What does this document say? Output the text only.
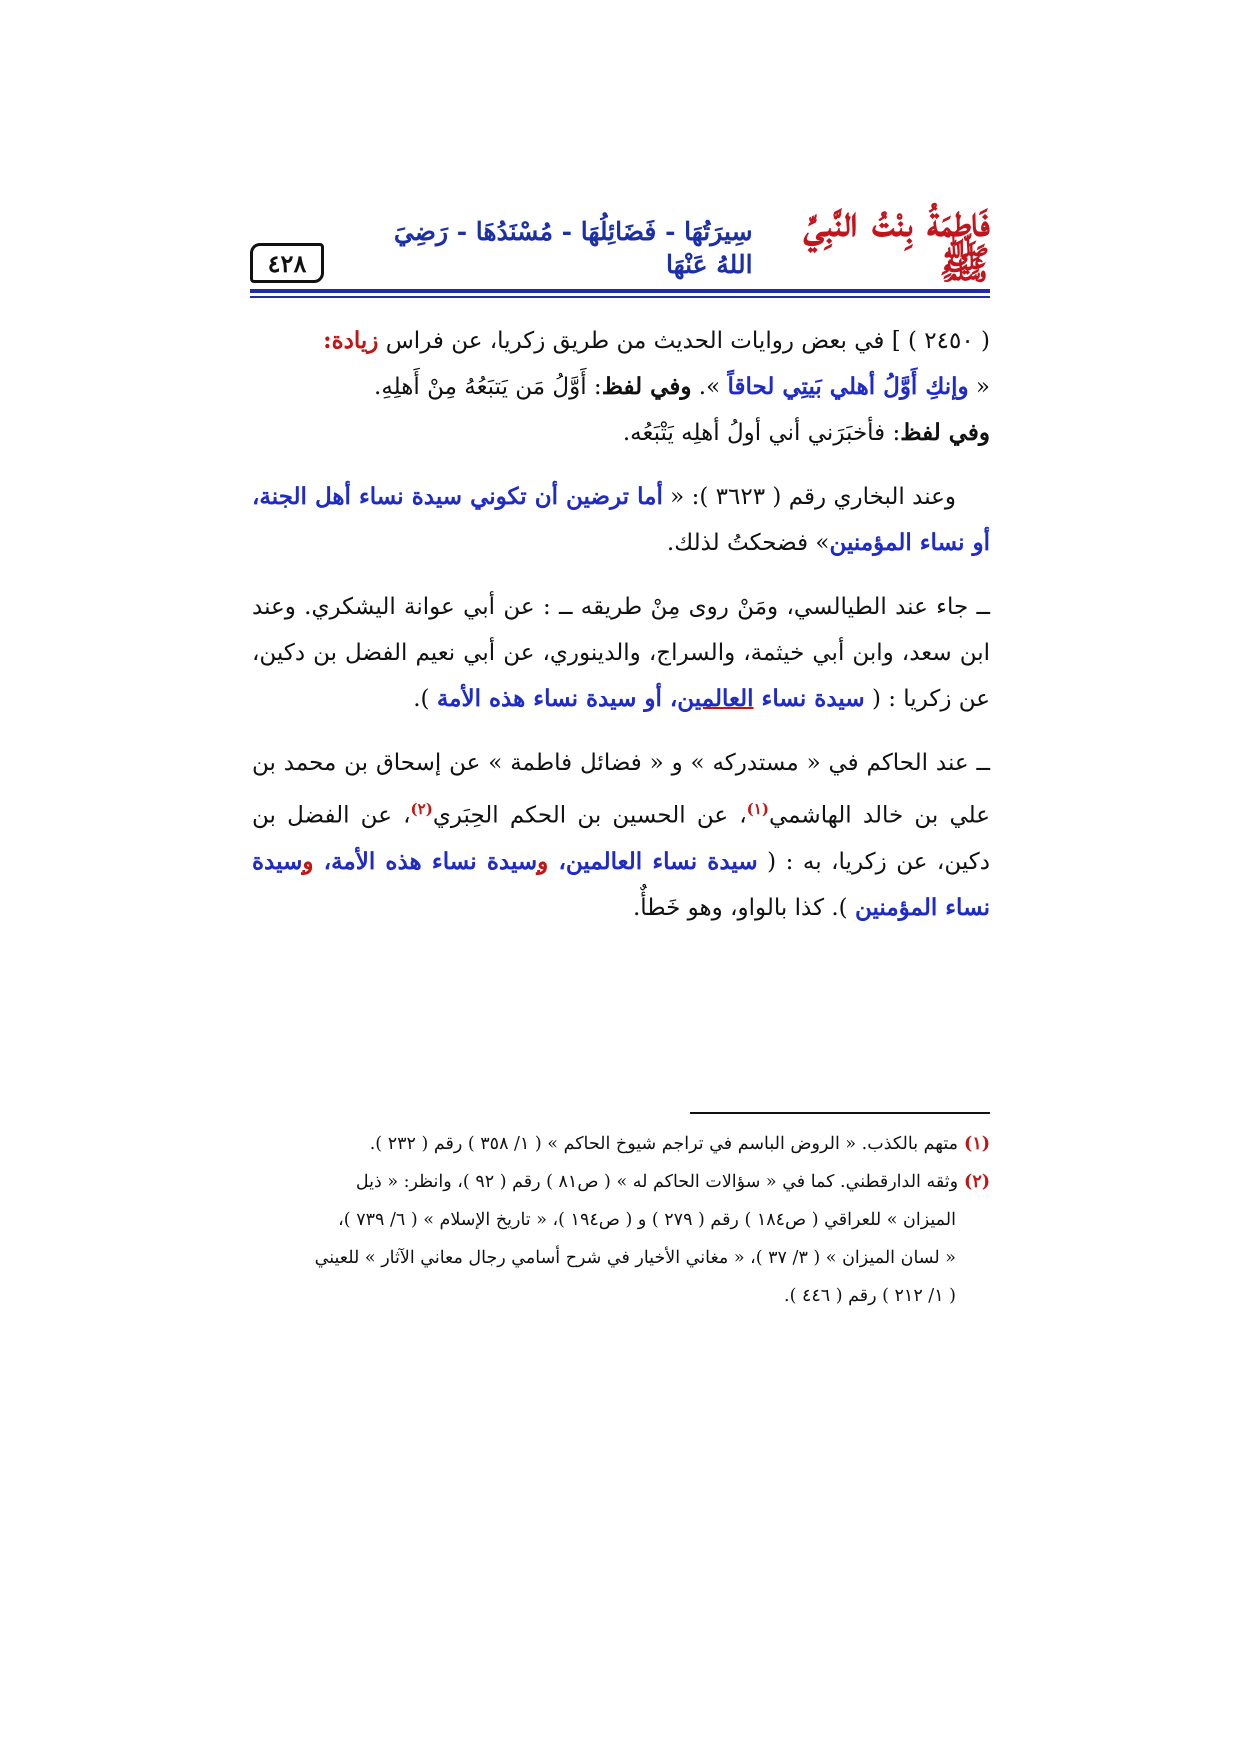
٤٢٨
فَاطِمَةُ بِنْتُ النَّبِيِّ ﷺ
سِيرَتُهَا - فَضَائِلُهَا - مُسْنَدُهَا - رَضِيَ اللهُ عَنْهَا

( ٢٤٥٠ ) ] في بعض روايات الحديث من طريق زكريا، عن فراس زيادة:
« وإنكِ أَوَّلُ أهلي بَيتِي لحاقاً ». وفي لفظ: أَوَّلُ مَن يَتبَعُهُ مِنْ أَهلِهِ.
وفي لفظ: فأخبَرَني أني أولُ أهلِه يَتْبَعُه.

وعند البخاري رقم ( ٣٦٢٣ ): « أما ترضين أن تكوني سيدة نساء أهل الجنة، أو نساء المؤمنين» فضحكتُ لذلك.

ــ جاء عند الطيالسي، ومَنْ روى مِنْ طريقه ــ : عن أبي عوانة اليشكري. وعند ابن سعد، وابن أبي خيثمة، والسراج، والدينوري، عن أبي نعيم الفضل بن دكين، عن زكريا : ( سيدة نساء العالمين، أو سيدة نساء هذه الأمة ).

ــ عند الحاكم في « مستدركه » و « فضائل فاطمة » عن إسحاق بن محمد بن علي بن خالد الهاشمي$^{(١)}$، عن الحسين بن الحكم الحِبَري$^{(٢)}$، عن الفضل بن دكين، عن زكريا، به : ( سيدة نساء العالمين، وسيدة نساء هذه الأمة، وسيدة نساء المؤمنين ). كذا بالواو، وهو خَطأٌ.

(١)متهم بالكذب. « الروض الباسم في تراجم شيوخ الحاكم » ( ١/ ٣٥٨ ) رقم ( ٢٣٢ ).

(٢)وثقه الدارقطني. كما في « سؤالات الحاكم له » ( ص٨١ ) رقم ( ٩٢ )، وانظر: « ذيل

الميزان » للعراقي ( ص١٨٤ ) رقم ( ٢٧٩ ) و ( ص١٩٤ )، « تاريخ الإسلام » ( ٦/ ٧٣٩ )،

« لسان الميزان » ( ٣/ ٣٧ )، « مغاني الأخيار في شرح أسامي رجال معاني الآثار » للعيني

( ١/ ٢١٢ ) رقم ( ٤٤٦ ).
